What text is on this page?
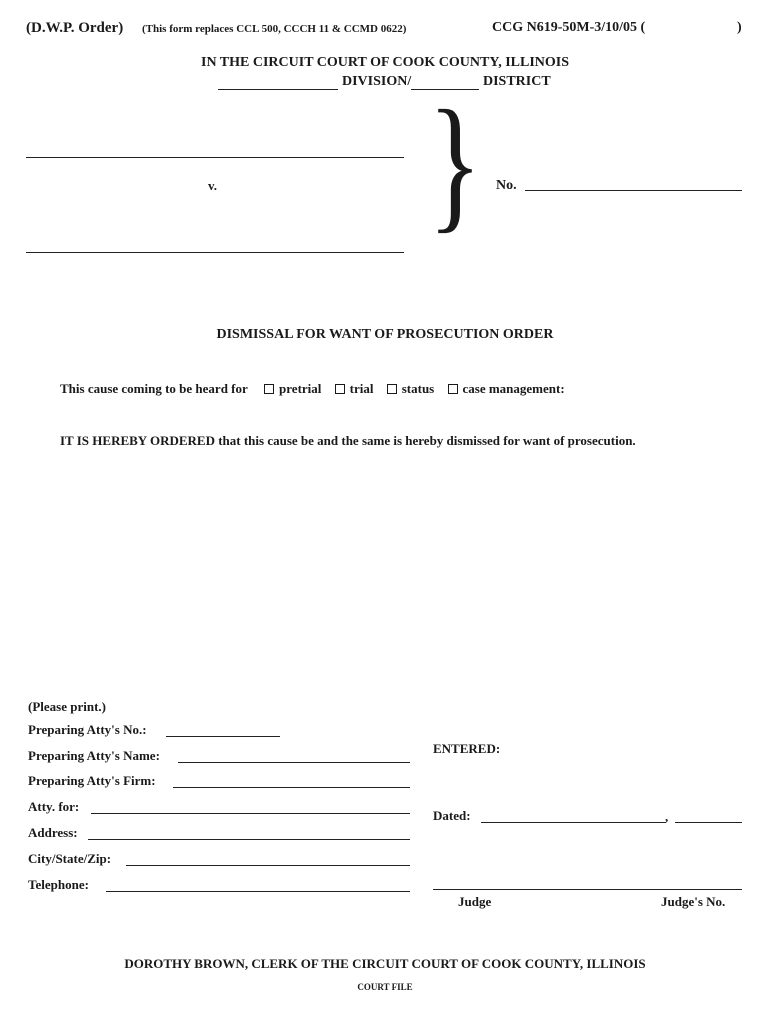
(D.W.P. Order) (This form replaces CCL 500, CCCH 11 & CCMD 0622)	CCG N619-50M-3/10/05 (	)
IN THE CIRCUIT COURT OF COOK COUNTY, ILLINOIS
DIVISION/	DISTRICT
v. } No.
DISMISSAL FOR WANT OF PROSECUTION ORDER
This cause coming to be heard for pretrial trial status case management:
IT IS HEREBY ORDERED that this cause be and the same is hereby dismissed for want of prosecution.
(Please print.)
Preparing Atty's No.:
Preparing Atty's Name:
Preparing Atty's Firm:
Atty. for:
Address:
City/State/Zip:
Telephone:
ENTERED:
Dated:	,
Judge	Judge's No.
DOROTHY BROWN, CLERK OF THE CIRCUIT COURT OF COOK COUNTY, ILLINOIS
COURT FILE
